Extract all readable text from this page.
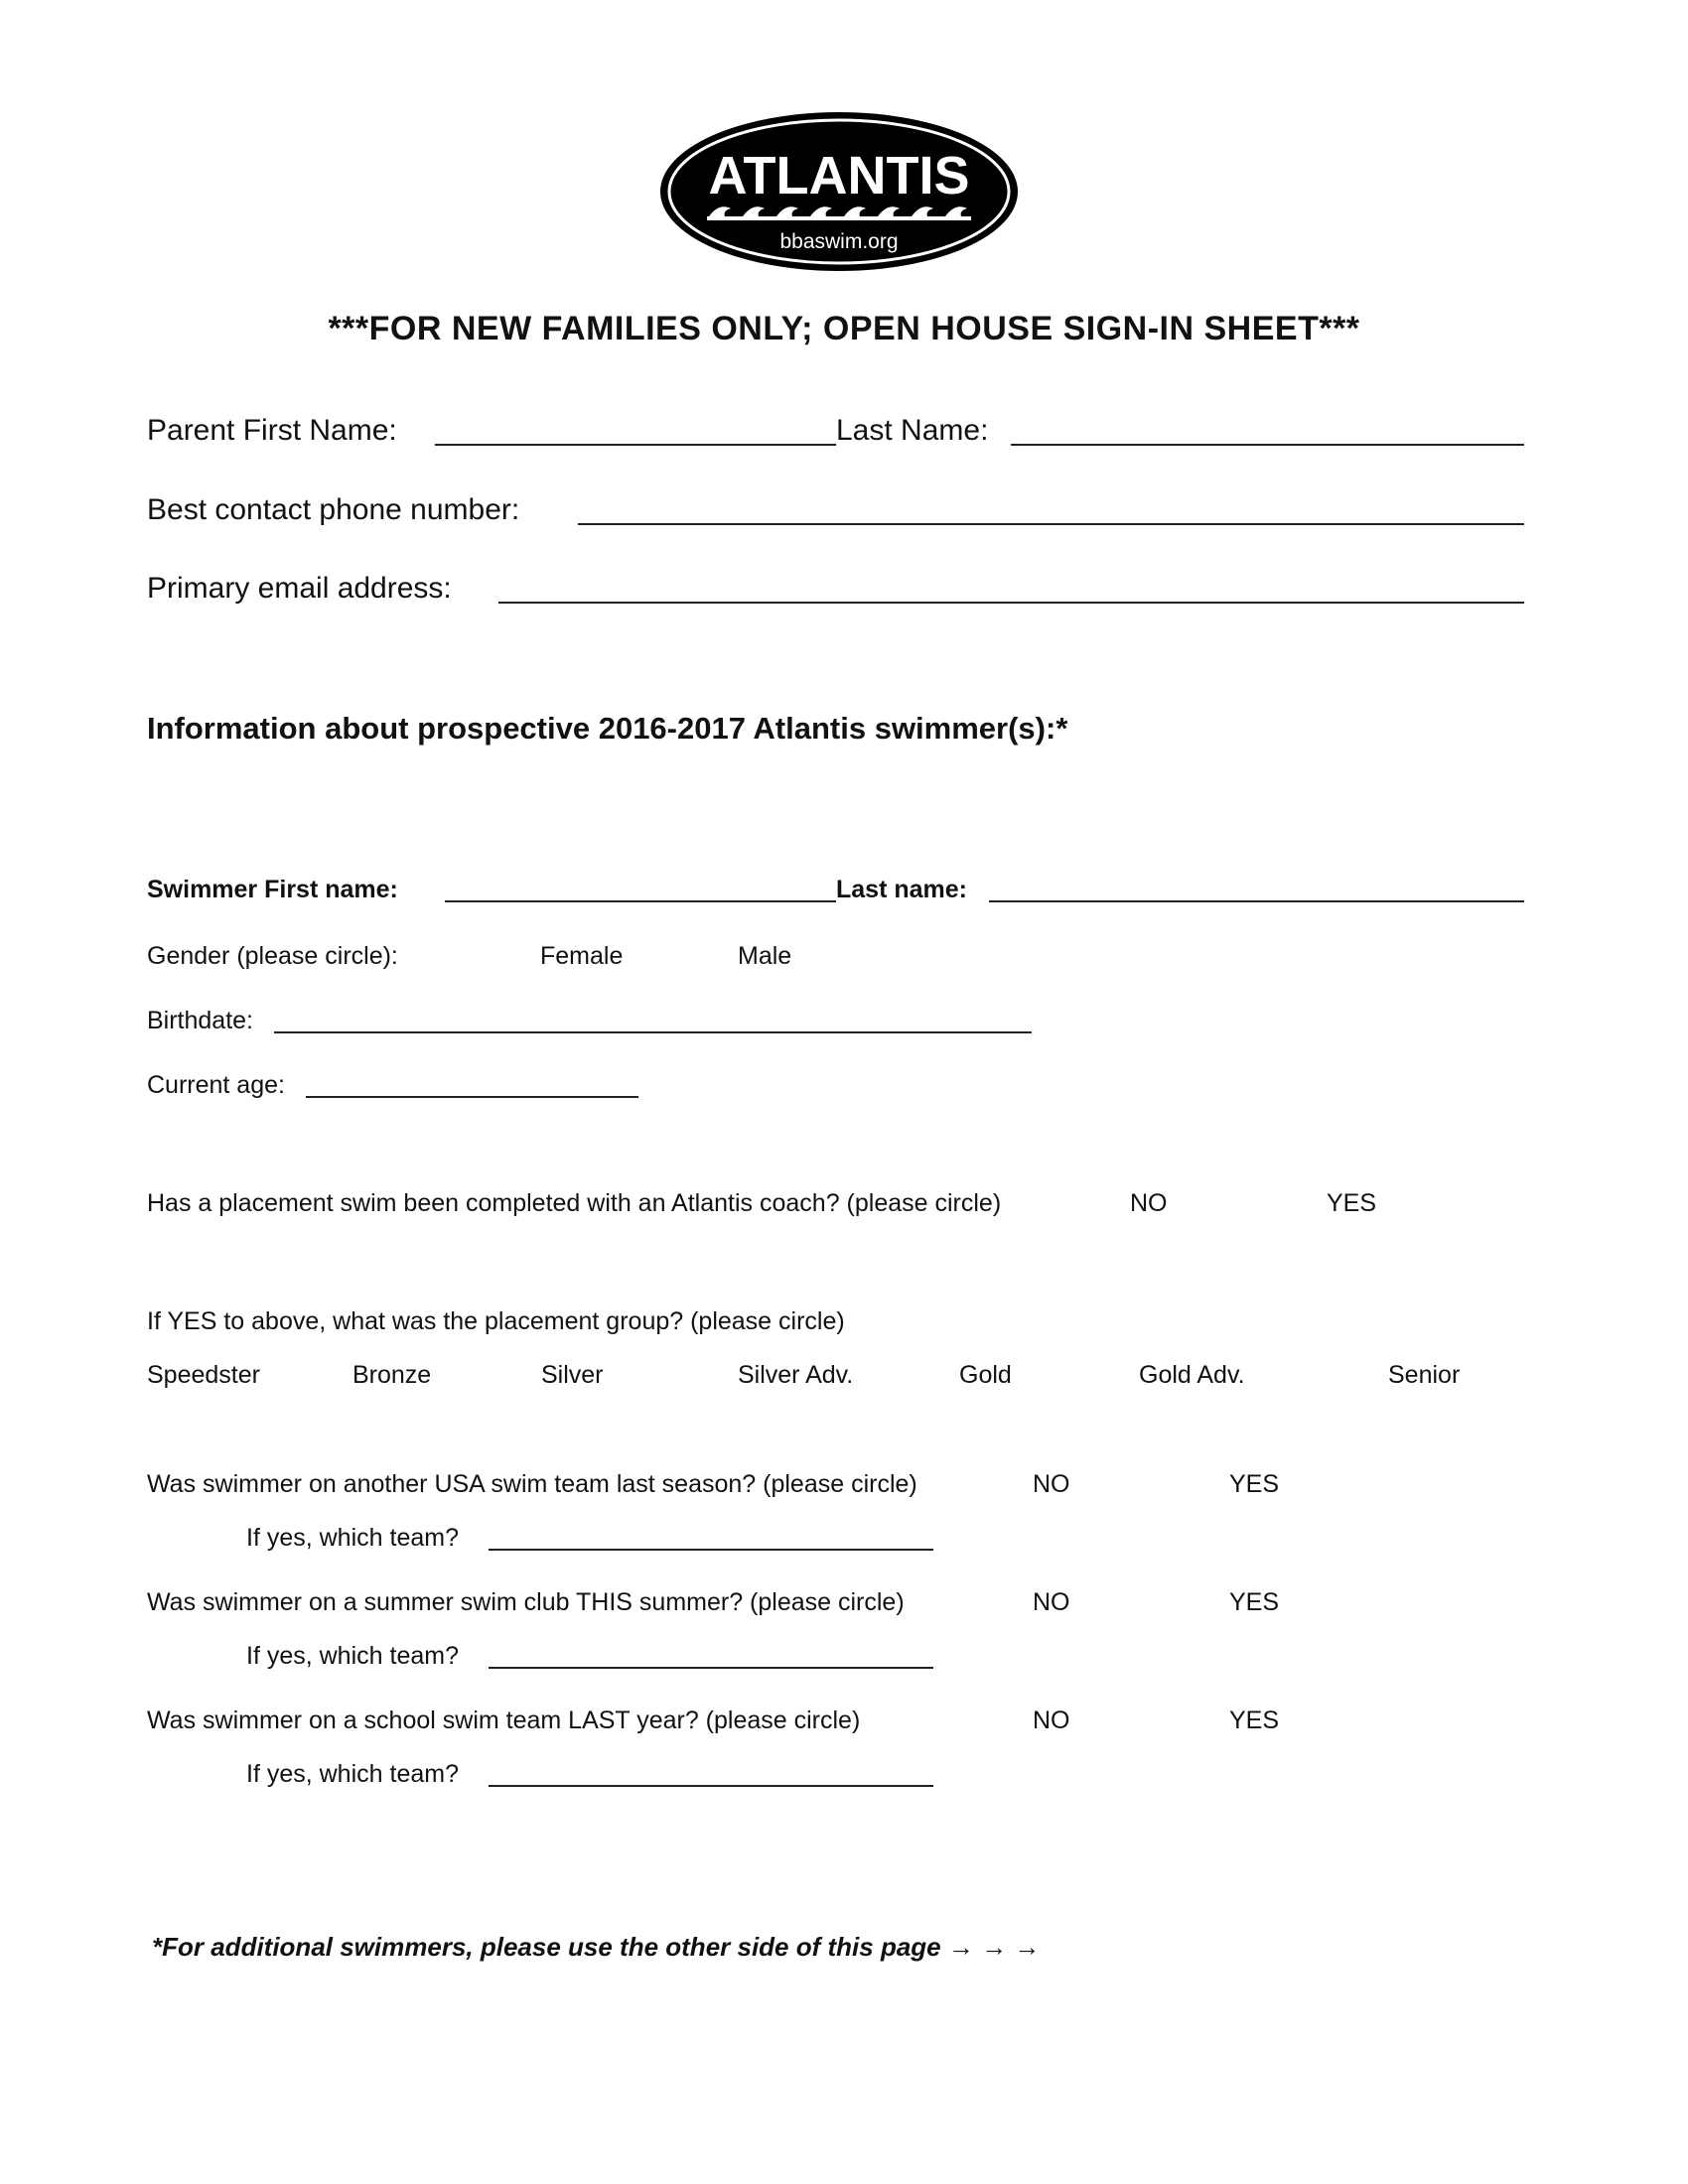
ATLANTIS
bbaswim.org
***FOR NEW FAMILIES ONLY; OPEN HOUSE SIGN-IN SHEET***
Parent First Name:	Last Name:
Best contact phone number:
Primary email address:
Information about prospective 2016-2017 Atlantis swimmer(s):*
Swimmer First name:	Last name:
Gender (please circle):	Female	Male
Birthdate:
Current age:
Has a placement swim been completed with an Atlantis coach? (please circle)	NO	YES
If YES to above, what was the placement group? (please circle)
Speedster	Bronze	Silver	Silver Adv.	Gold	Gold Adv.	Senior
Was swimmer on another USA swim team last season? (please circle)	NO	YES
If yes, which team?
Was swimmer on a summer swim club THIS summer? (please circle)	NO	YES
If yes, which team?
Was swimmer on a school swim team LAST year? (please circle)	NO	YES
If yes, which team?
*For additional swimmers, please use the other side of this page → → →
